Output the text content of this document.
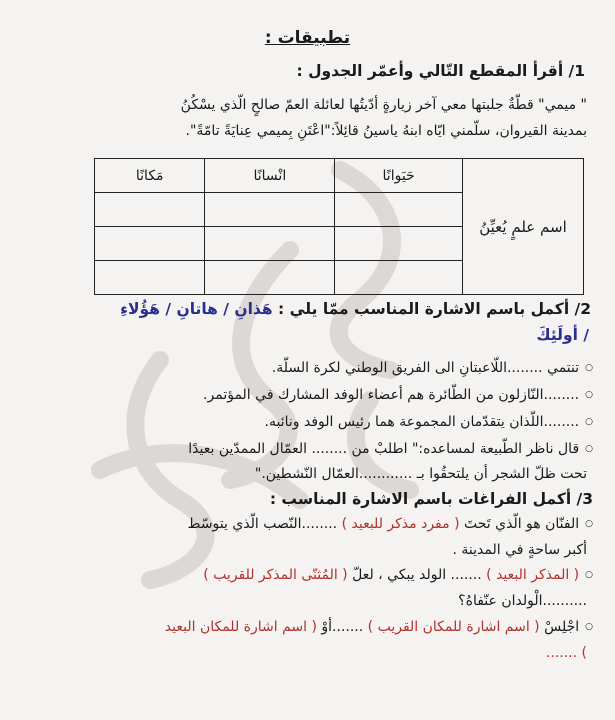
تطبيقات :
1/ أقرأ المقطع التّالي وأعمّر الجدول :
" ميمي" قطّةٌ جلبتها معي آخر زيارةٍ أدّيتُها لعائلة العمّ صالحٍ الّذي يسْكُنُ
بمدينة القيروان، سلّمني ايّاه ابنهُ ياسينُ قائِلاً:"اعْتَنِ بِميمي عِنايَةً تامّةً".
اسم علمٍ يُعيِّنُ	حَيَوانًا	انْسانًا	مَكانًا

2/ أكمل باسم الاشارة المناسب ممّا يلي : هَذانِ / هاتانِ / هَؤُلاءِ
/ أولَئِكَ
○تنتمي ........اللّاعبتانِ الى الفريق الوطني لكرة السلّة.
○........النّازلون من الطّائرة هم أعضاء الوفد المشارك في المؤتمر.
○........اللّذان يتقدّمان المجموعة هما رئيس الوفد ونائبه.
○قال ناظر الطّبيعة لمساعده:" اطلبْ من ........ العمّال الممدّين بعيدًا
تحت ظلّ الشجر أن يلتحقُوا بـ ............العمّال النّشطين."
3/ أكمل الفراغات باسم الاشارة المناسب :
○الفنّان هو الّذي تَحتَ ( مفرد مذكر للبعيد ) ........النّصب الّذي يتوسّط
أكبر ساحةٍ في المدينة .
○( المذكر البعيد ) ....... الولد يبكي ، لعلّ ( المُثنّى المذكر للقريب )
..........الْولدان عنّفاهُ؟
○اجْلِسْ ( اسم اشارة للمكان القريب ) .......أوْ ( اسم اشارة للمكان البعيد
) .......
